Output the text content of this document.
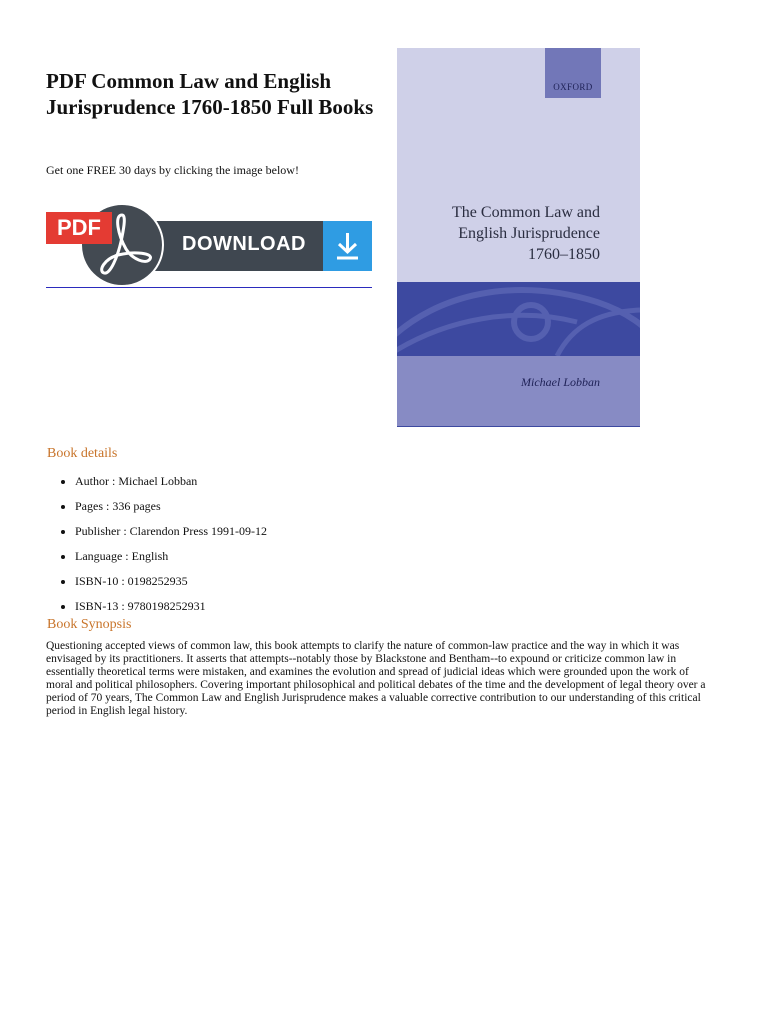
PDF Common Law and English Jurisprudence 1760-1850 Full Books

Get one FREE 30 days by clicking the image below!

DOWNLOAD
PDF
OXFORD
The Common Law and
English Jurisprudence
1760–1850
Michael Lobban
Book details
• Author : Michael Lobban
• Pages : 336 pages
• Publisher : Clarendon Press 1991-09-12
• Language : English
• ISBN-10 : 0198252935
• ISBN-13 : 9780198252931
Book Synopsis

Questioning accepted views of common law, this book attempts to clarify the nature of common-law practice and the way in which it was envisaged by its practitioners. It asserts that attempts--notably those by Blackstone and Bentham--to expound or criticize common law in essentially theoretical terms were mistaken, and examines the evolution and spread of judicial ideas which were grounded upon the work of moral and political philosophers. Covering important philosophical and political debates of the time and the development of legal theory over a period of 70 years, The Common Law and English Jurisprudence makes a valuable corrective contribution to our understanding of this critical period in English legal history.
